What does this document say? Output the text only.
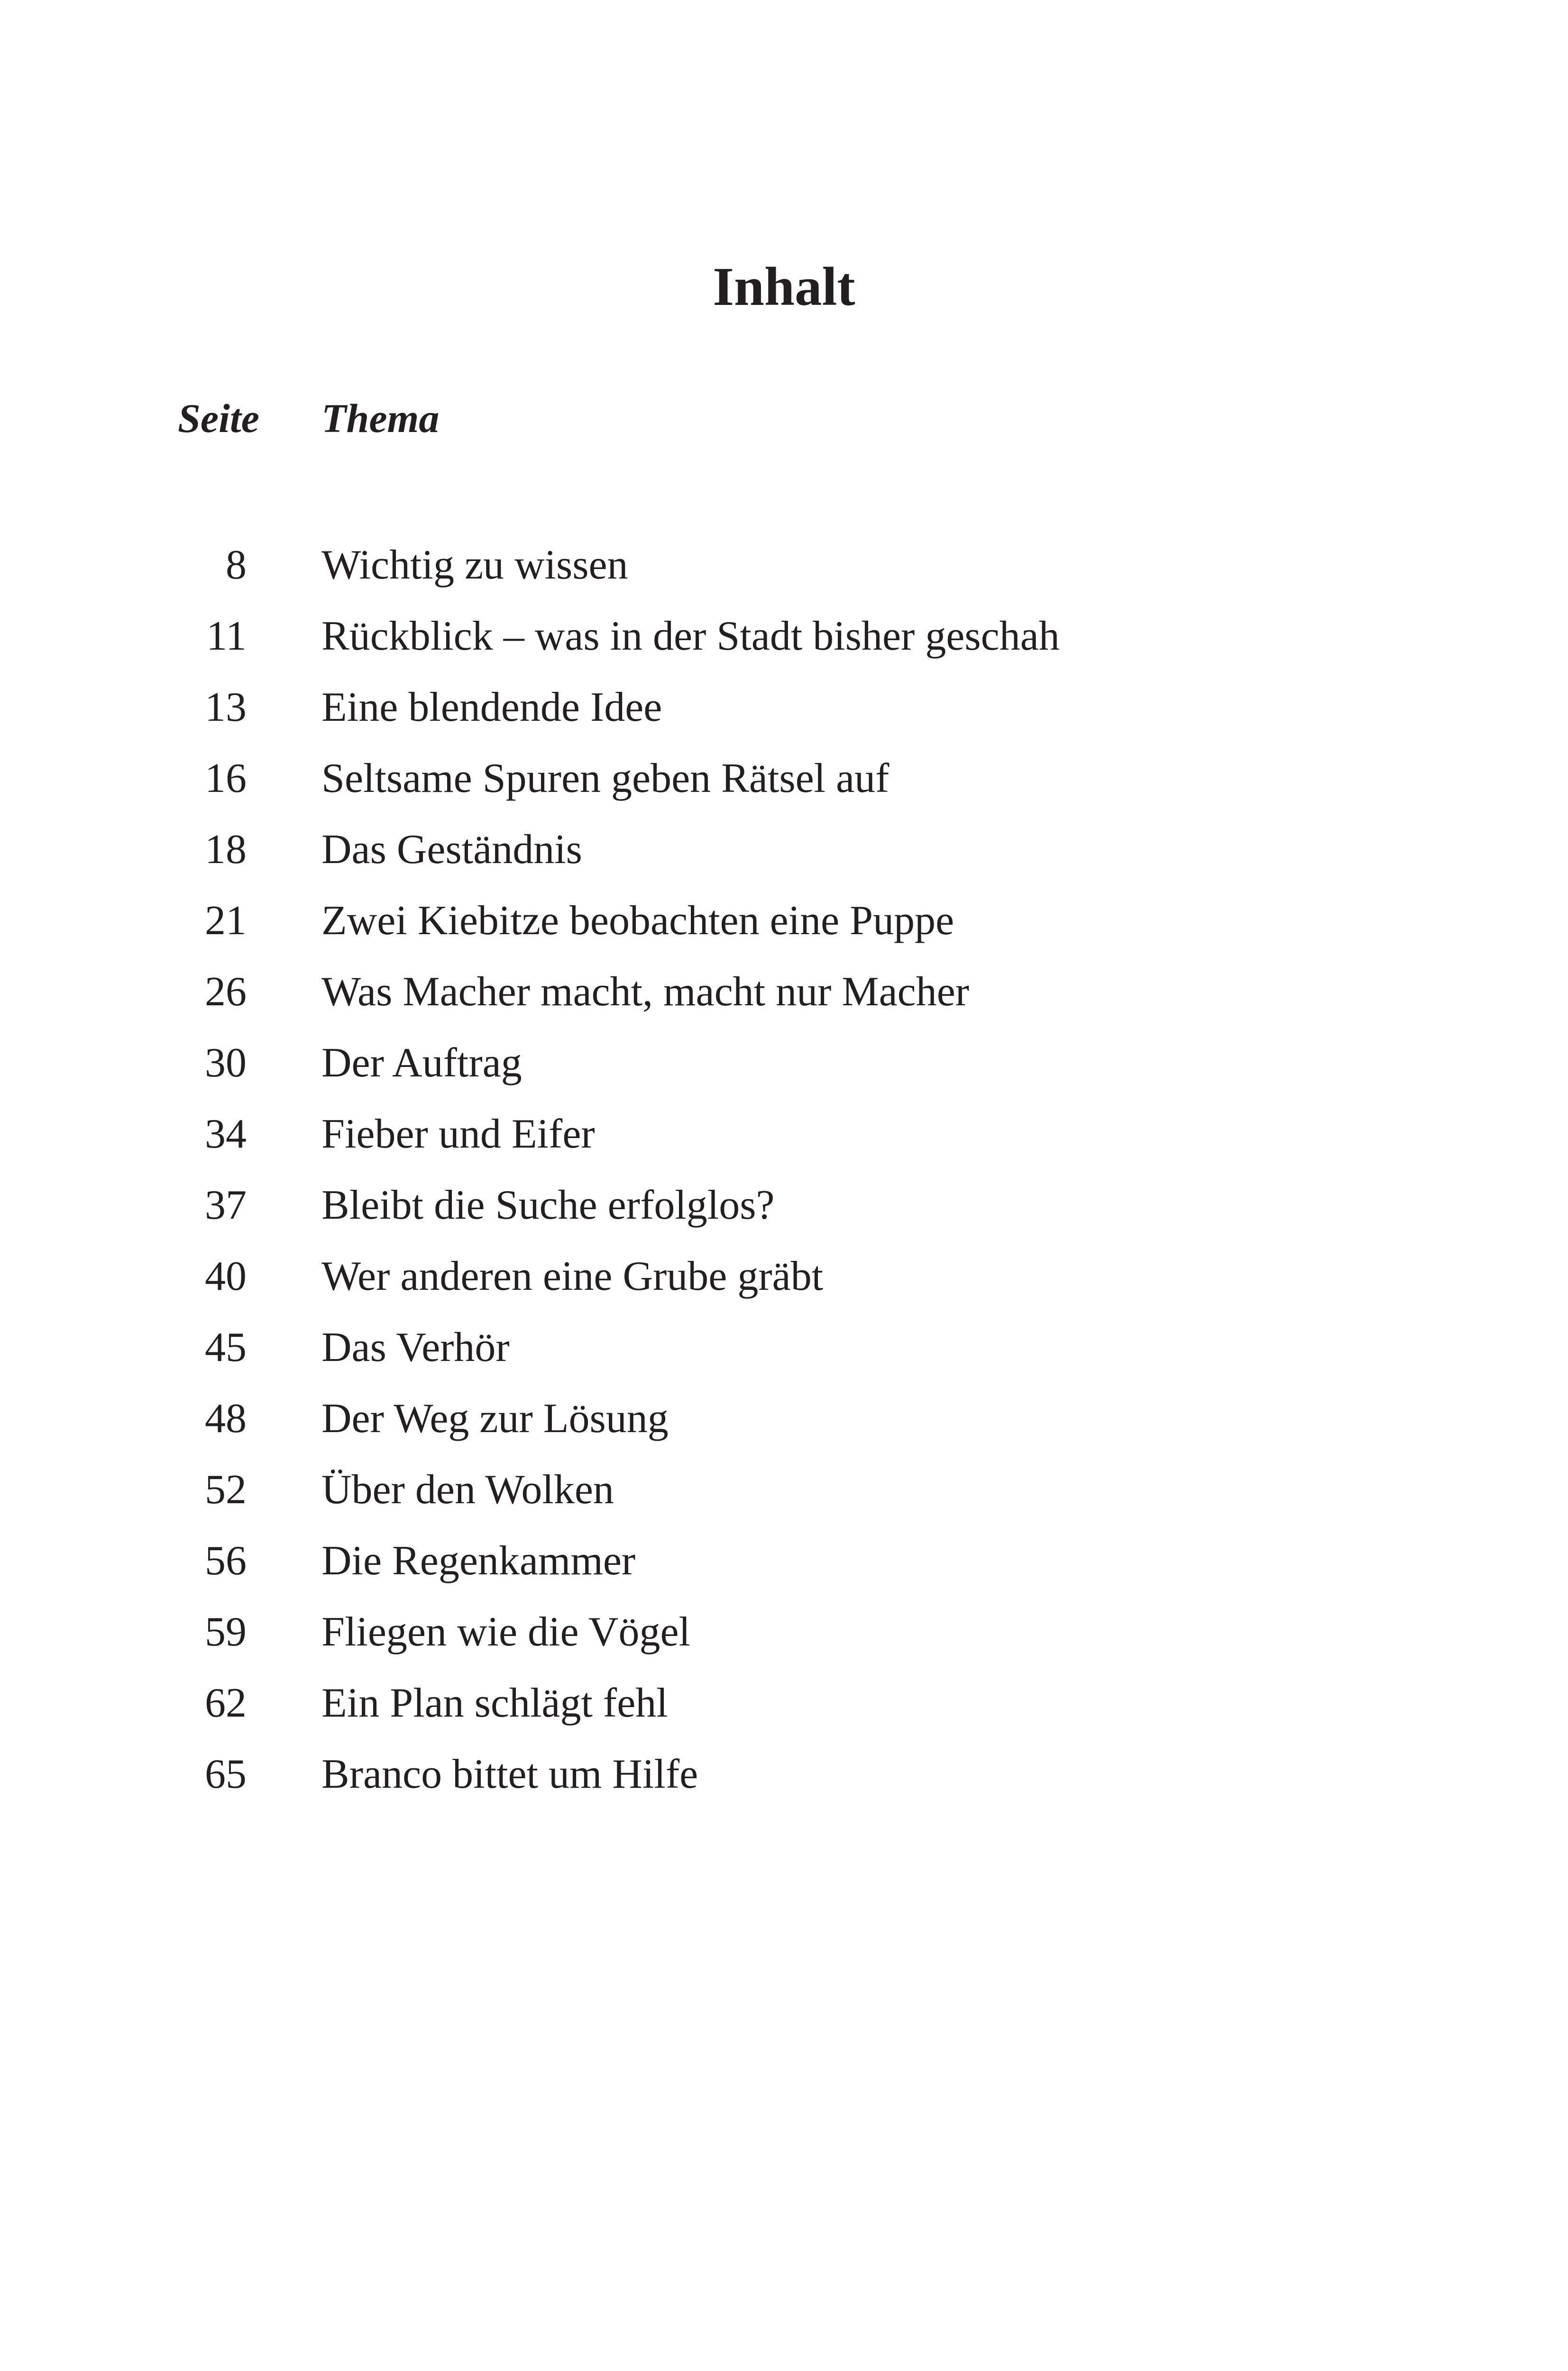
Inhalt
Seite Thema
8 Wichtig zu wissen
11 Rückblick – was in der Stadt bisher geschah
13 Eine blendende Idee
16 Seltsame Spuren geben Rätsel auf
18 Das Geständnis
21 Zwei Kiebitze beobachten eine Puppe
26 Was Macher macht, macht nur Macher
30 Der Auftrag
34 Fieber und Eifer
37 Bleibt die Suche erfolglos?
40 Wer anderen eine Grube gräbt
45 Das Verhör
48 Der Weg zur Lösung
52 Über den Wolken
56 Die Regenkammer
59 Fliegen wie die Vögel
62 Ein Plan schlägt fehl
65 Branco bittet um Hilfe
